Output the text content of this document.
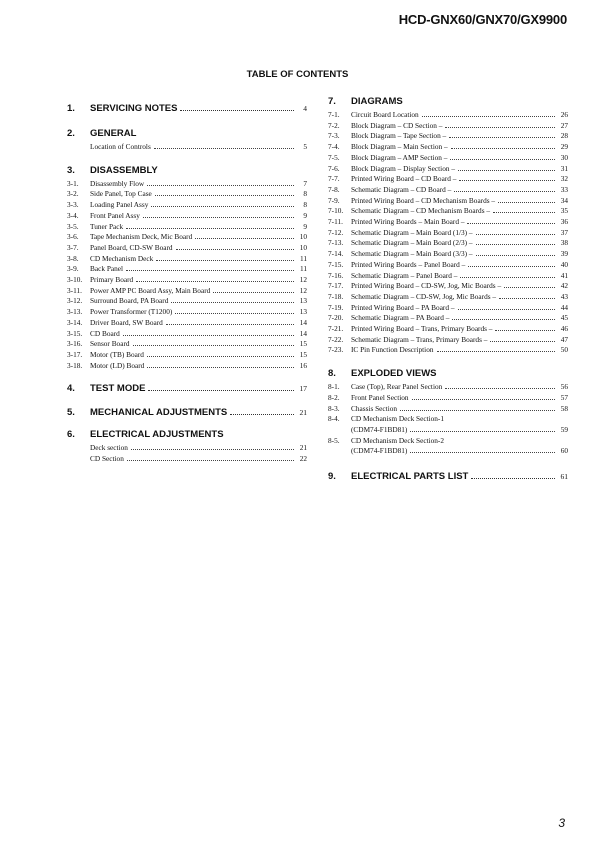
HCD-GNX60/GNX70/GX9900
TABLE OF CONTENTS
1.	SERVICING NOTES	4
2.	GENERAL
Location of Controls	5
3.	DISASSEMBLY
3-1.	Disassembly Flow	7
3-2.	Side Panel, Top Case	8
3-3.	Loading Panel Assy	8
3-4.	Front Panel Assy	9
3-5.	Tuner Pack	9
3-6.	Tape Mechanism Deck, Mic Board	10
3-7.	Panel Board, CD-SW Board	10
3-8.	CD Mechanism Deck	11
3-9.	Back Panel	11
3-10.	Primary Board	12
3-11.	Power AMP PC Board Assy, Main Board	12
3-12.	Surround Board, PA Board	13
3-13.	Power Transformer (T1200)	13
3-14.	Driver Board, SW Board	14
3-15.	CD Board	14
3-16.	Sensor Board	15
3-17.	Motor (TB) Board	15
3-18.	Motor (LD) Board	16
4.	TEST MODE	17
5.	MECHANICAL ADJUSTMENTS	21
6.	ELECTRICAL ADJUSTMENTS
Deck section	21
CD Section	22
7.	DIAGRAMS
7-1.	Circuit Board Location	26
7-2.	Block Diagram – CD Section –	27
7-3.	Block Diagram – Tape Section –	28
7-4.	Block Diagram – Main Section –	29
7-5.	Block Diagram – AMP Section –	30
7-6.	Block Diagram – Display Section –	31
7-7.	Printed Wiring Board – CD Board –	32
7-8.	Schematic Diagram – CD Board –	33
7-9.	Printed Wiring Board – CD Mechanism Boards –	34
7-10.	Schematic Diagram – CD Mechanism Boards –	35
7-11.	Printed Wiring Boards – Main Board –	36
7-12.	Schematic Diagram – Main Board (1/3) –	37
7-13.	Schematic Diagram – Main Board (2/3) –	38
7-14.	Schematic Diagram – Main Board (3/3) –	39
7-15.	Printed Wiring Boards – Panel Board –	40
7-16.	Schematic Diagram – Panel Board –	41
7-17.	Printed Wiring Board – CD-SW, Jog, Mic Boards –	42
7-18.	Schematic Diagram – CD-SW, Jog, Mic Boards –	43
7-19.	Printed Wiring Board – PA Board –	44
7-20.	Schematic Diagram – PA Board –	45
7-21.	Printed Wiring Board – Trans, Primary Boards –	46
7-22.	Schematic Diagram – Trans, Primary Boards –	47
7-23.	IC Pin Function Description	50
8.	EXPLODED VIEWS
8-1.	Case (Top), Rear Panel Section	56
8-2.	Front Panel Section	57
8-3.	Chassis Section	58
8-4.	CD Mechanism Deck Section-1
(CDM74-F1BD81)	59
8-5.	CD Mechanism Deck Section-2
(CDM74-F1BD81)	60
9.	ELECTRICAL PARTS LIST	61
3
